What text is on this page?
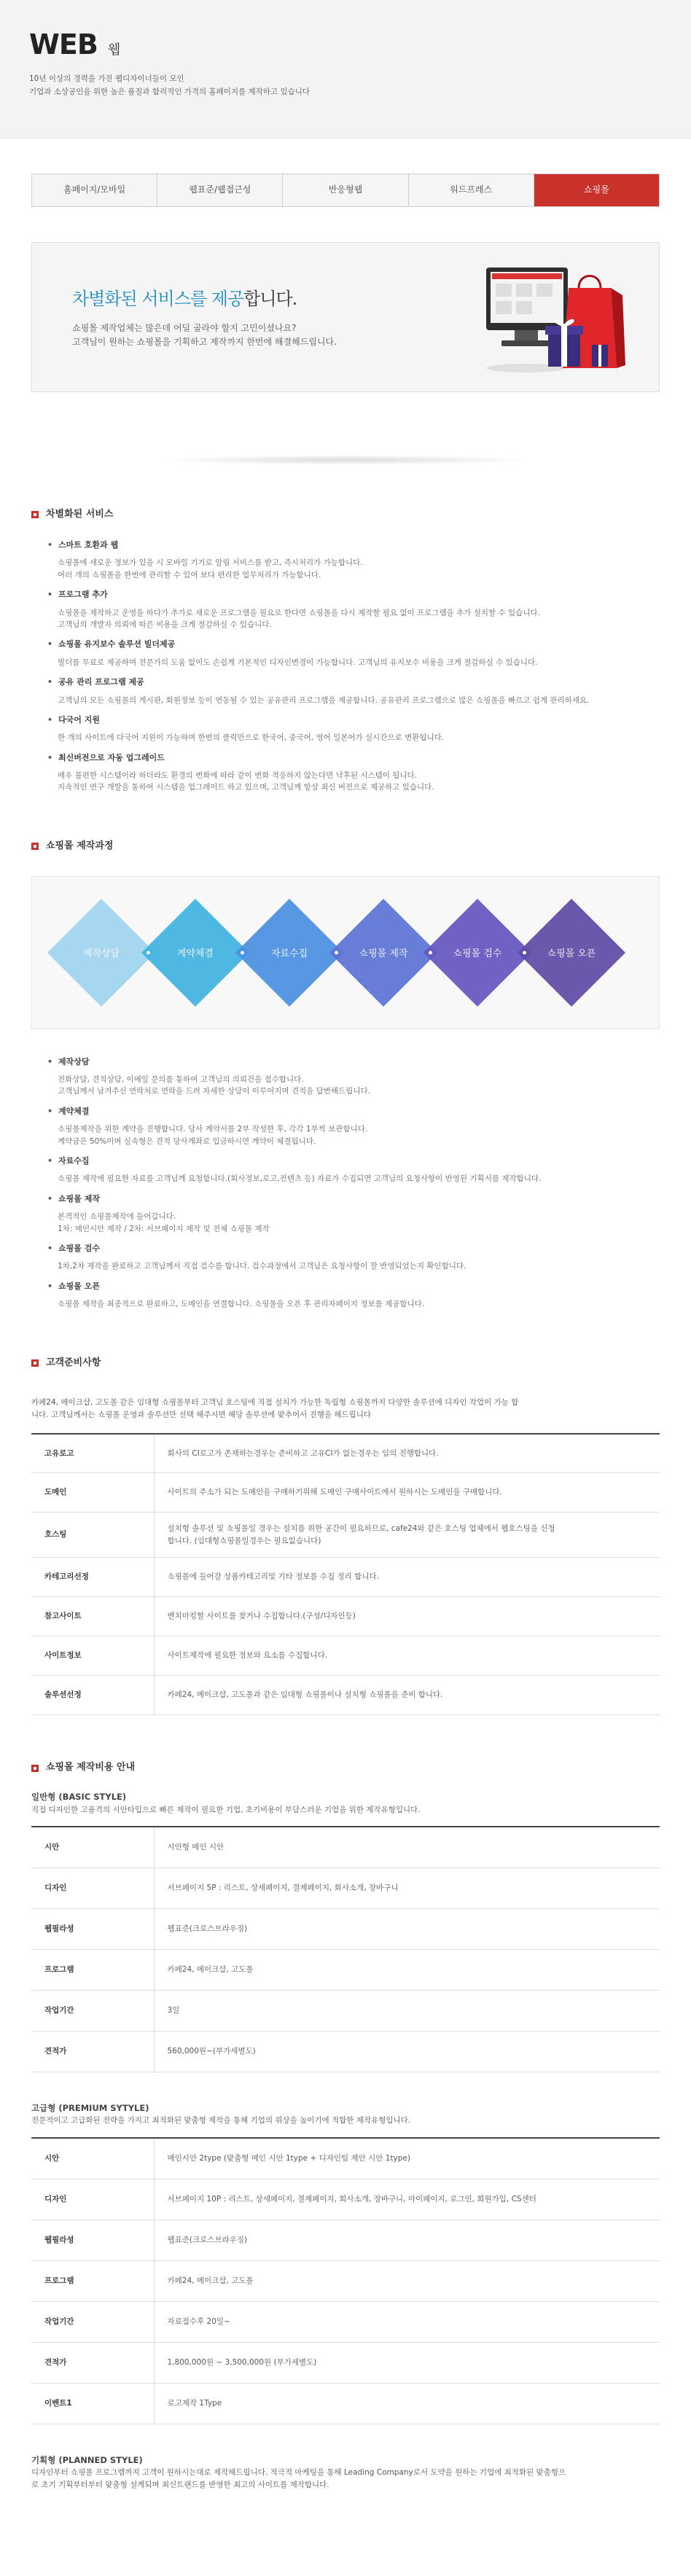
WEB 웹
10년 이상의 경력을 가진 웹디자이너들이 모인
기업과 소상공인을 위한 높은 품질과 합리적인 가격의 홈페이지를 제작하고 있습니다
홈페이지/모바일	웹표준/웹접근성	반응형웹	워드프레스	쇼핑몰
차별화된 서비스를 제공합니다.
쇼핑몰 제작업체는 많은데 어딜 골라야 할지 고민이셨나요?
고객님이 원하는 쇼핑몰을 기획하고 제작까지 한번에 해결해드립니다.
차별화된 서비스
• 스마트 호환과 웹
쇼핑몰에 새로운 정보가 있을 시 모바일 기기로 알림 서비스를 받고, 즉시처리가 가능합니다.
여러 개의 쇼핑몰을 한번에 관리할 수 있어 보다 편리한 업무처리가 가능합니다.
• 프로그램 추가
쇼핑몰을 제작하고 운영을 하다가 추가로 새로운 프로그램을 필요로 한다면 쇼핑몰을 다시 제작할 필요 없이 프로그램을 추가 설치할 수 있습니다.
고객님의 개발자 의뢰에 따른 비용을 크게 절감하실 수 있습니다.
• 쇼핑몰 유지보수 솔루션 빌더제공
빌더를 무료로 제공하며 전문가의 도움 없이도 손쉽게 기본적인 디자인변경이 가능합니다. 고객님의 유지보수 비용을 크게 절감하실 수 있습니다.
• 공유 관리 프로그램 제공
고객님의 모든 쇼핑몰의 게시판, 회원정보 등이 연동될 수 있는 공유관리 프로그램을 제공합니다. 공유관리 프로그램으로 많은 쇼핑몰을 빠르고 쉽게 관리하세요.
• 다국어 지원
한 개의 사이트에 다국어 지원이 가능하며 한번의 클릭만으로 한국어, 중국어, 영어 일본어가 실시간으로 변환됩니다.
• 최신버전으로 자동 업그레이드
매우 불편한 시스템이라 하더라도 환경의 변화에 따라 같이 변화 적응하지 않는다면 낙후된 시스템이 됩니다.
지속적인 연구 개발을 통하여 시스템을 업그레이드 하고 있으며, 고객님께 항상 최신 버전으로 제공하고 있습니다.
쇼핑몰 제작과정
제작상담	계약체결	자료수집	쇼핑몰 제작	쇼핑몰 검수	쇼핑몰 오픈
• 제작상담
전화상담, 견적상담, 이메일 문의를 통하여 고객님의 의뢰건을 접수합니다.
고객님께서 남겨주신 연락처로 연락을 드려 자세한 상담이 이루어지며 견적을 답변해드립니다.
• 계약체결
쇼핑몰제작을 위한 계약을 진행합니다. 당사 계약서를 2부 작성한 후, 각각 1부씩 보관합니다.
계약금은 50%이며 실속형은 견적 당사계좌로 입금하시면 계약이 체결됩니다.
• 자료수집
쇼핑몰 제작에 필요한 자료를 고객님께 요청합니다.(회사정보,로고,컨텐츠 등) 자료가 수집되면 고객님의 요청사항이 반영된 기획서를 제작합니다.
• 쇼핑몰 제작
본격적인 쇼핑몰제작에 들어갑니다.
1차: 메인시안 제작 / 2차: 서브페이지 제작 및 전체 쇼핑몰 제작
• 쇼핑몰 검수
1차,2차 제작을 완료하고 고객님께서 직접 검수를 합니다. 검수과정에서 고객님은 요청사항이 잘 반영되었는지 확인합니다.
• 쇼핑몰 오픈
쇼핑몰 제작을 최종적으로 완료하고, 도메인을 연결합니다. 쇼핑몰을 오픈 후 관리자페이지 정보를 제공합니다.
고객준비사항
카페24, 메이크샵, 고도몰 같은 임대형 쇼핑몰부터 고객님 호스팅에 직접 설치가 가능한 독립형 쇼핑몰까지 다양한 솔루션에 디자인 작업이 가능 합
니다. 고객님께서는 쇼핑몰 운영과 솔루션만 선택 해주시면 해당 솔루션에 맞추어서 진행을 해드립니다
고유로고	회사의 CI로고가 존재하는경우는 준비하고 고유CI가 없는경우는 임의 진행합니다.

도메인	사이트의 주소가 되는 도메인을 구매하기위해 도메인 구매사이트에서 원하시는 도메인을 구매합니다.

호스팅	설치형 솔루션 및 쇼핑몰일 경우는 설치를 위한 공간이 필요하므로, cafe24와 같은 호스팅 업체에서 웹호스팅을 신청
합니다. (임대형쇼핑몰일경우는 필요없습니다)

카테고리선정	쇼핑몰에 들어갈 상품카테고리및 기타 정보를 수집 정리 합니다.

참고사이트	벤치마킹할 사이트를 찾거나 수집합니다.(구성/디자인등)

사이트정보	사이트제작에 필요한 정보와 요소를 수집합니다.

솔루션선정	카페24, 메이크샵, 고도몰과 같은 임대형 쇼핑몰이나 설치형 쇼핑몰을 준비 합니다.
쇼핑몰 제작비용 안내
일반형 (BASIC STYLE)
직접 디자인한 고품격의 시안타입으로 빠른 제작이 필요한 기업, 초기비용이 부담스러운 기업을 위한 제작유형입니다.
시안	시안형 메인 시안
디자인	서브페이지 5P : 리스트, 상세페이지, 결제페이지, 회사소개, 장바구니
웹필라셩	웹표준(크로스브라우징)
프로그램	카페24, 메이크샵, 고도몰
작업기간	3일
견적가	560,000원~(부가세별도)
고급형 (PREMIUM SYTYLE)
전문적이고 고급화된 전략을 가지고 최적화된 맞춤형 제작을 통해 기업의 위상을 높이기에 적합한 제작유형입니다.
시안	메인시안 2type (맞춤형 메인 시안 1type + 디자인팀 제안 시안 1type)
디자인	서브페이지 10P : 리스트, 상세페이지, 결제페이지, 회사소개, 장바구니, 마이페이지, 로그인, 회원가입, CS센터
웹필라셩	웹표준(크로스브라우징)
프로그램	카페24, 메이크샵, 고도몰
작업기간	자료접수후 20일~
견적가	1,800,000원 ~ 3,500,000원 (부가세별도)
이벤트1	로고제작 1Type
기획형 (PLANNED STYLE)
디자인부터 쇼핑몰 프로그램까지 고객이 원하시는대로 제작해드립니다. 적극적 마케팅을 통해 Leading Company로서 도약을 원하는 기업에 최적화된 맞춤형으
로 초기 기획부터부터 맞춤형 설계되며 최신트랜드를 반영한 최고의 사이트를 제작합니다.
